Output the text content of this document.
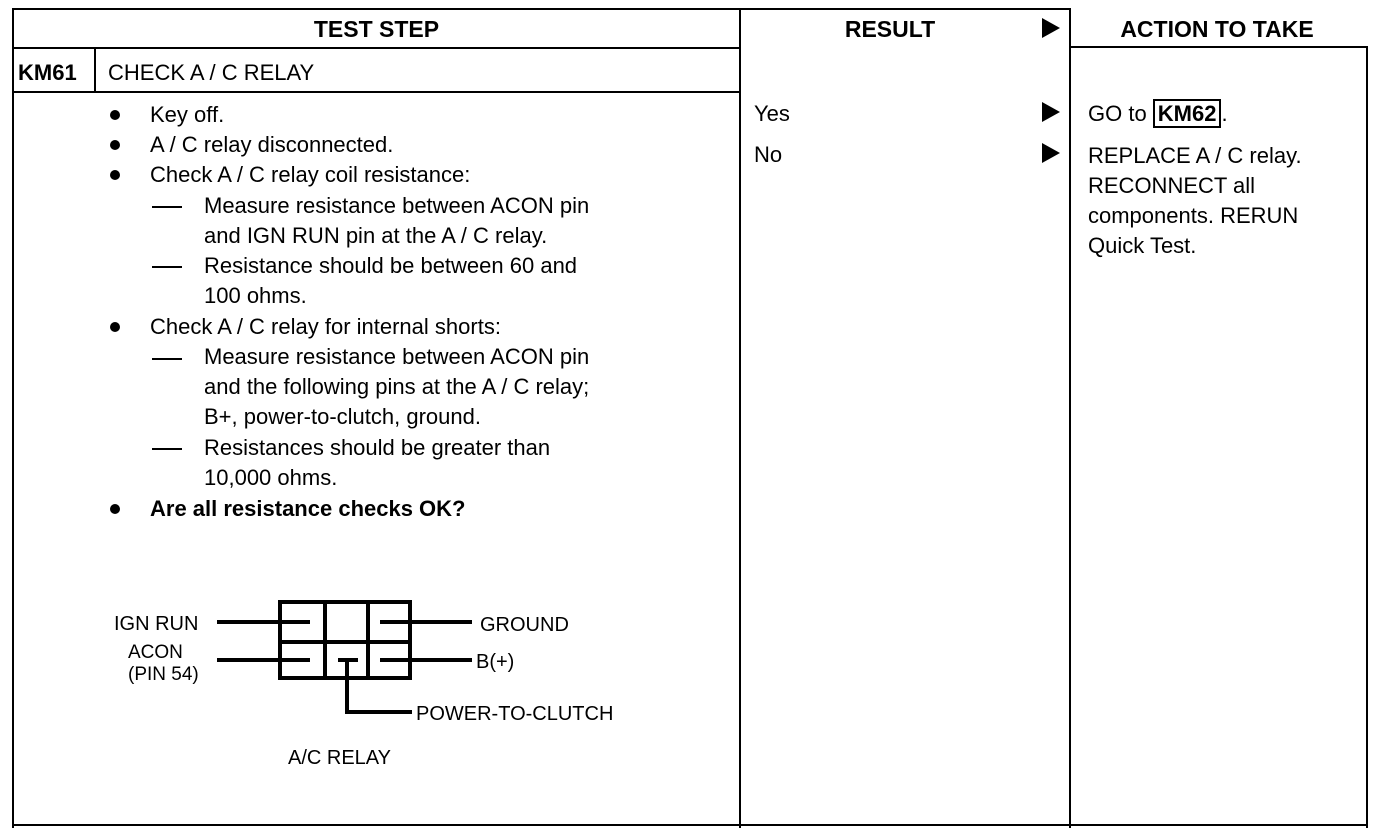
TEST STEP	RESULT	ACTION TO TAKE
KM61 CHECK A / C RELAY
Key off.
A / C relay disconnected.
Check A / C relay coil resistance:
Measure resistance between ACON pin
and IGN RUN pin at the A / C relay.
Resistance should be between 60 and
100 ohms.
Check A / C relay for internal shorts:
Measure resistance between ACON pin
and the following pins at the A / C relay;
B+, power-to-clutch, ground.
Resistances should be greater than
10,000 ohms.
Are all resistance checks OK?
IGN RUN
ACON
(PIN 54)
GROUND
B(+)
POWER-TO-CLUTCH
A/C RELAY
Yes
No
GO to KM62 .
REPLACE A / C relay.
RECONNECT all
components. RERUN
Quick Test.
